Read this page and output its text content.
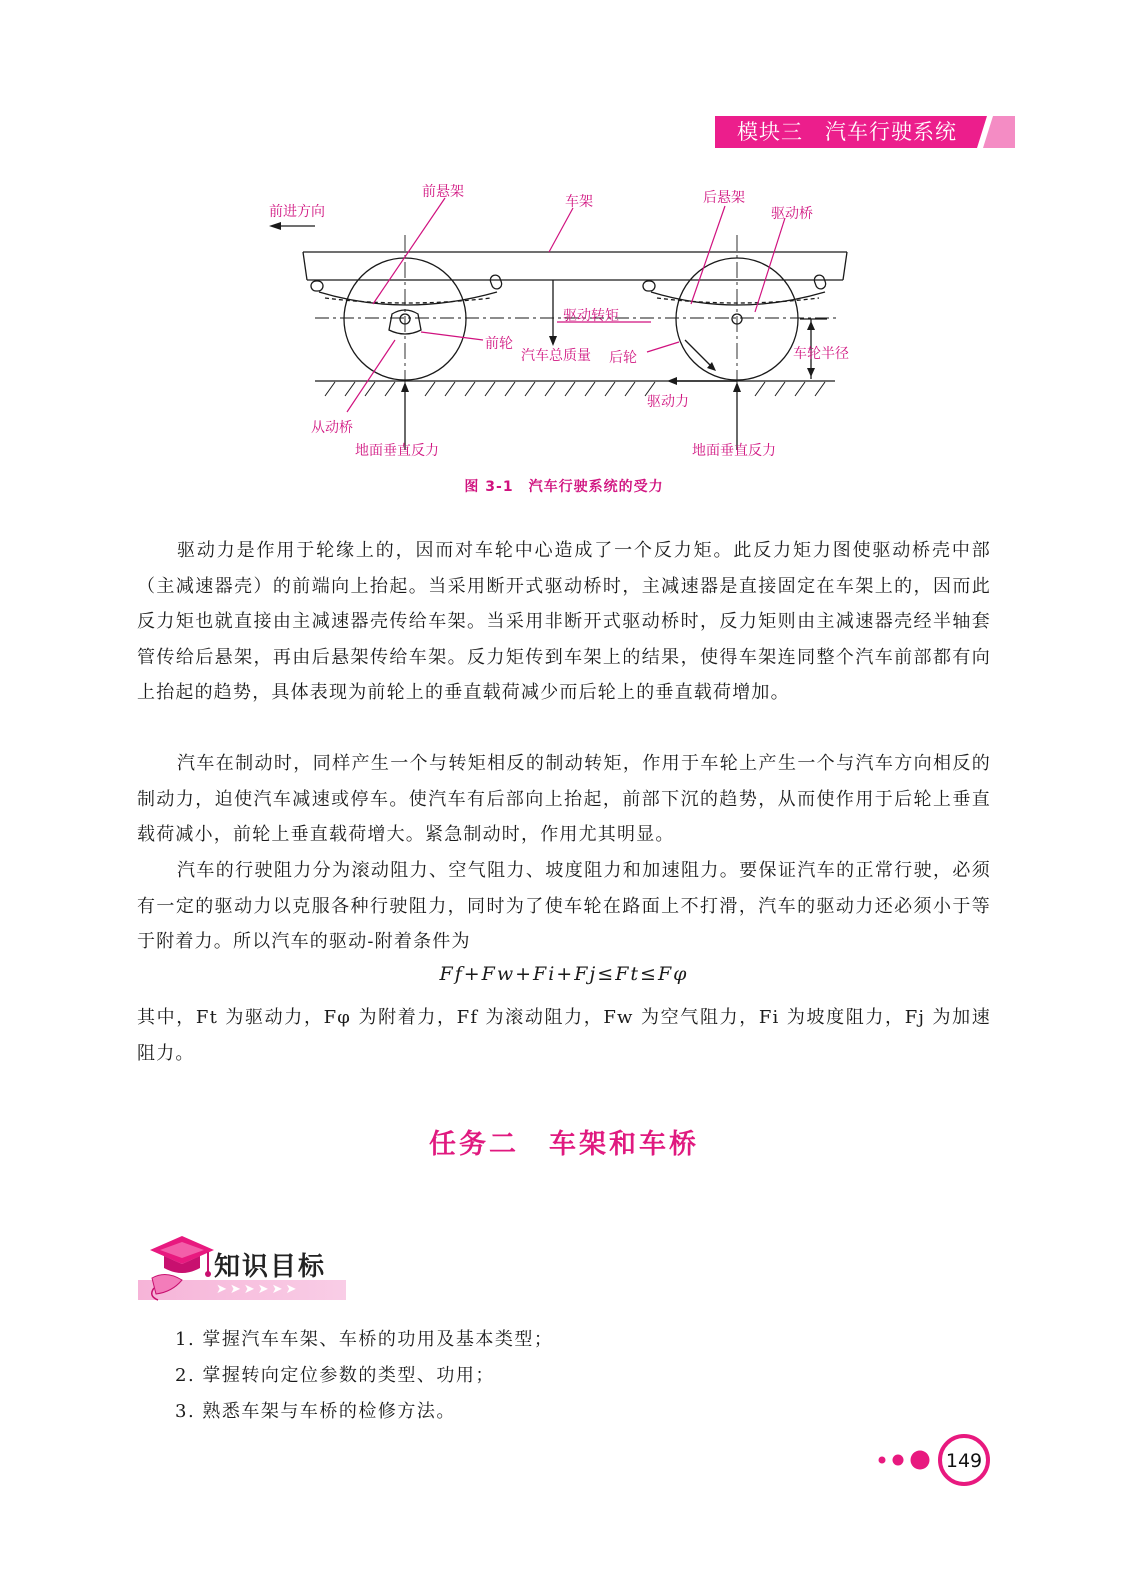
模块三　汽车行驶系统
前进方向
前悬架
车架	后悬架
驱动桥
驱动转矩
前轮
汽车总质量 后轮	车轮半径
驱动力
从动桥
地面垂直反力	地面垂直反力
图 3-1　汽车行驶系统的受力

驱动力是作用于轮缘上的，因而对车轮中心造成了一个反力矩。此反力矩力图使驱动桥壳中部（主减速器壳）的前端向上抬起。当采用断开式驱动桥时，主减速器是直接固定在车架上的，因而此反力矩也就直接由主减速器壳传给车架。当采用非断开式驱动桥时，反力矩则由主减速器壳经半轴套管传给后悬架，再由后悬架传给车架。反力矩传到车架上的结果，使得车架连同整个汽车前部都有向上抬起的趋势，具体表现为前轮上的垂直载荷减少而后轮上的垂直载荷增加。

汽车在制动时，同样产生一个与转矩相反的制动转矩，作用于车轮上产生一个与汽车方向相反的制动力，迫使汽车减速或停车。使汽车有后部向上抬起，前部下沉的趋势，从而使作用于后轮上垂直载荷减小，前轮上垂直载荷增大。紧急制动时，作用尤其明显。

汽车的行驶阻力分为滚动阻力、空气阻力、坡度阻力和加速阻力。要保证汽车的正常行驶，必须有一定的驱动力以克服各种行驶阻力，同时为了使车轮在路面上不打滑，汽车的驱动力还必须小于等于附着力。所以汽车的驱动-附着条件为

Ff+Fw+Fi+Fj≤Ft≤Fφ

其中，Ft 为驱动力，Fφ 为附着力，Ff 为滚动阻力，Fw 为空气阻力，Fi 为坡度阻力，Fj 为加速阻力。

任务二　车架和车桥
➤➤➤➤➤➤
知识目标
1. 掌握汽车车架、车桥的功用及基本类型；
2. 掌握转向定位参数的类型、功用；
3. 熟悉车架与车桥的检修方法。
149
